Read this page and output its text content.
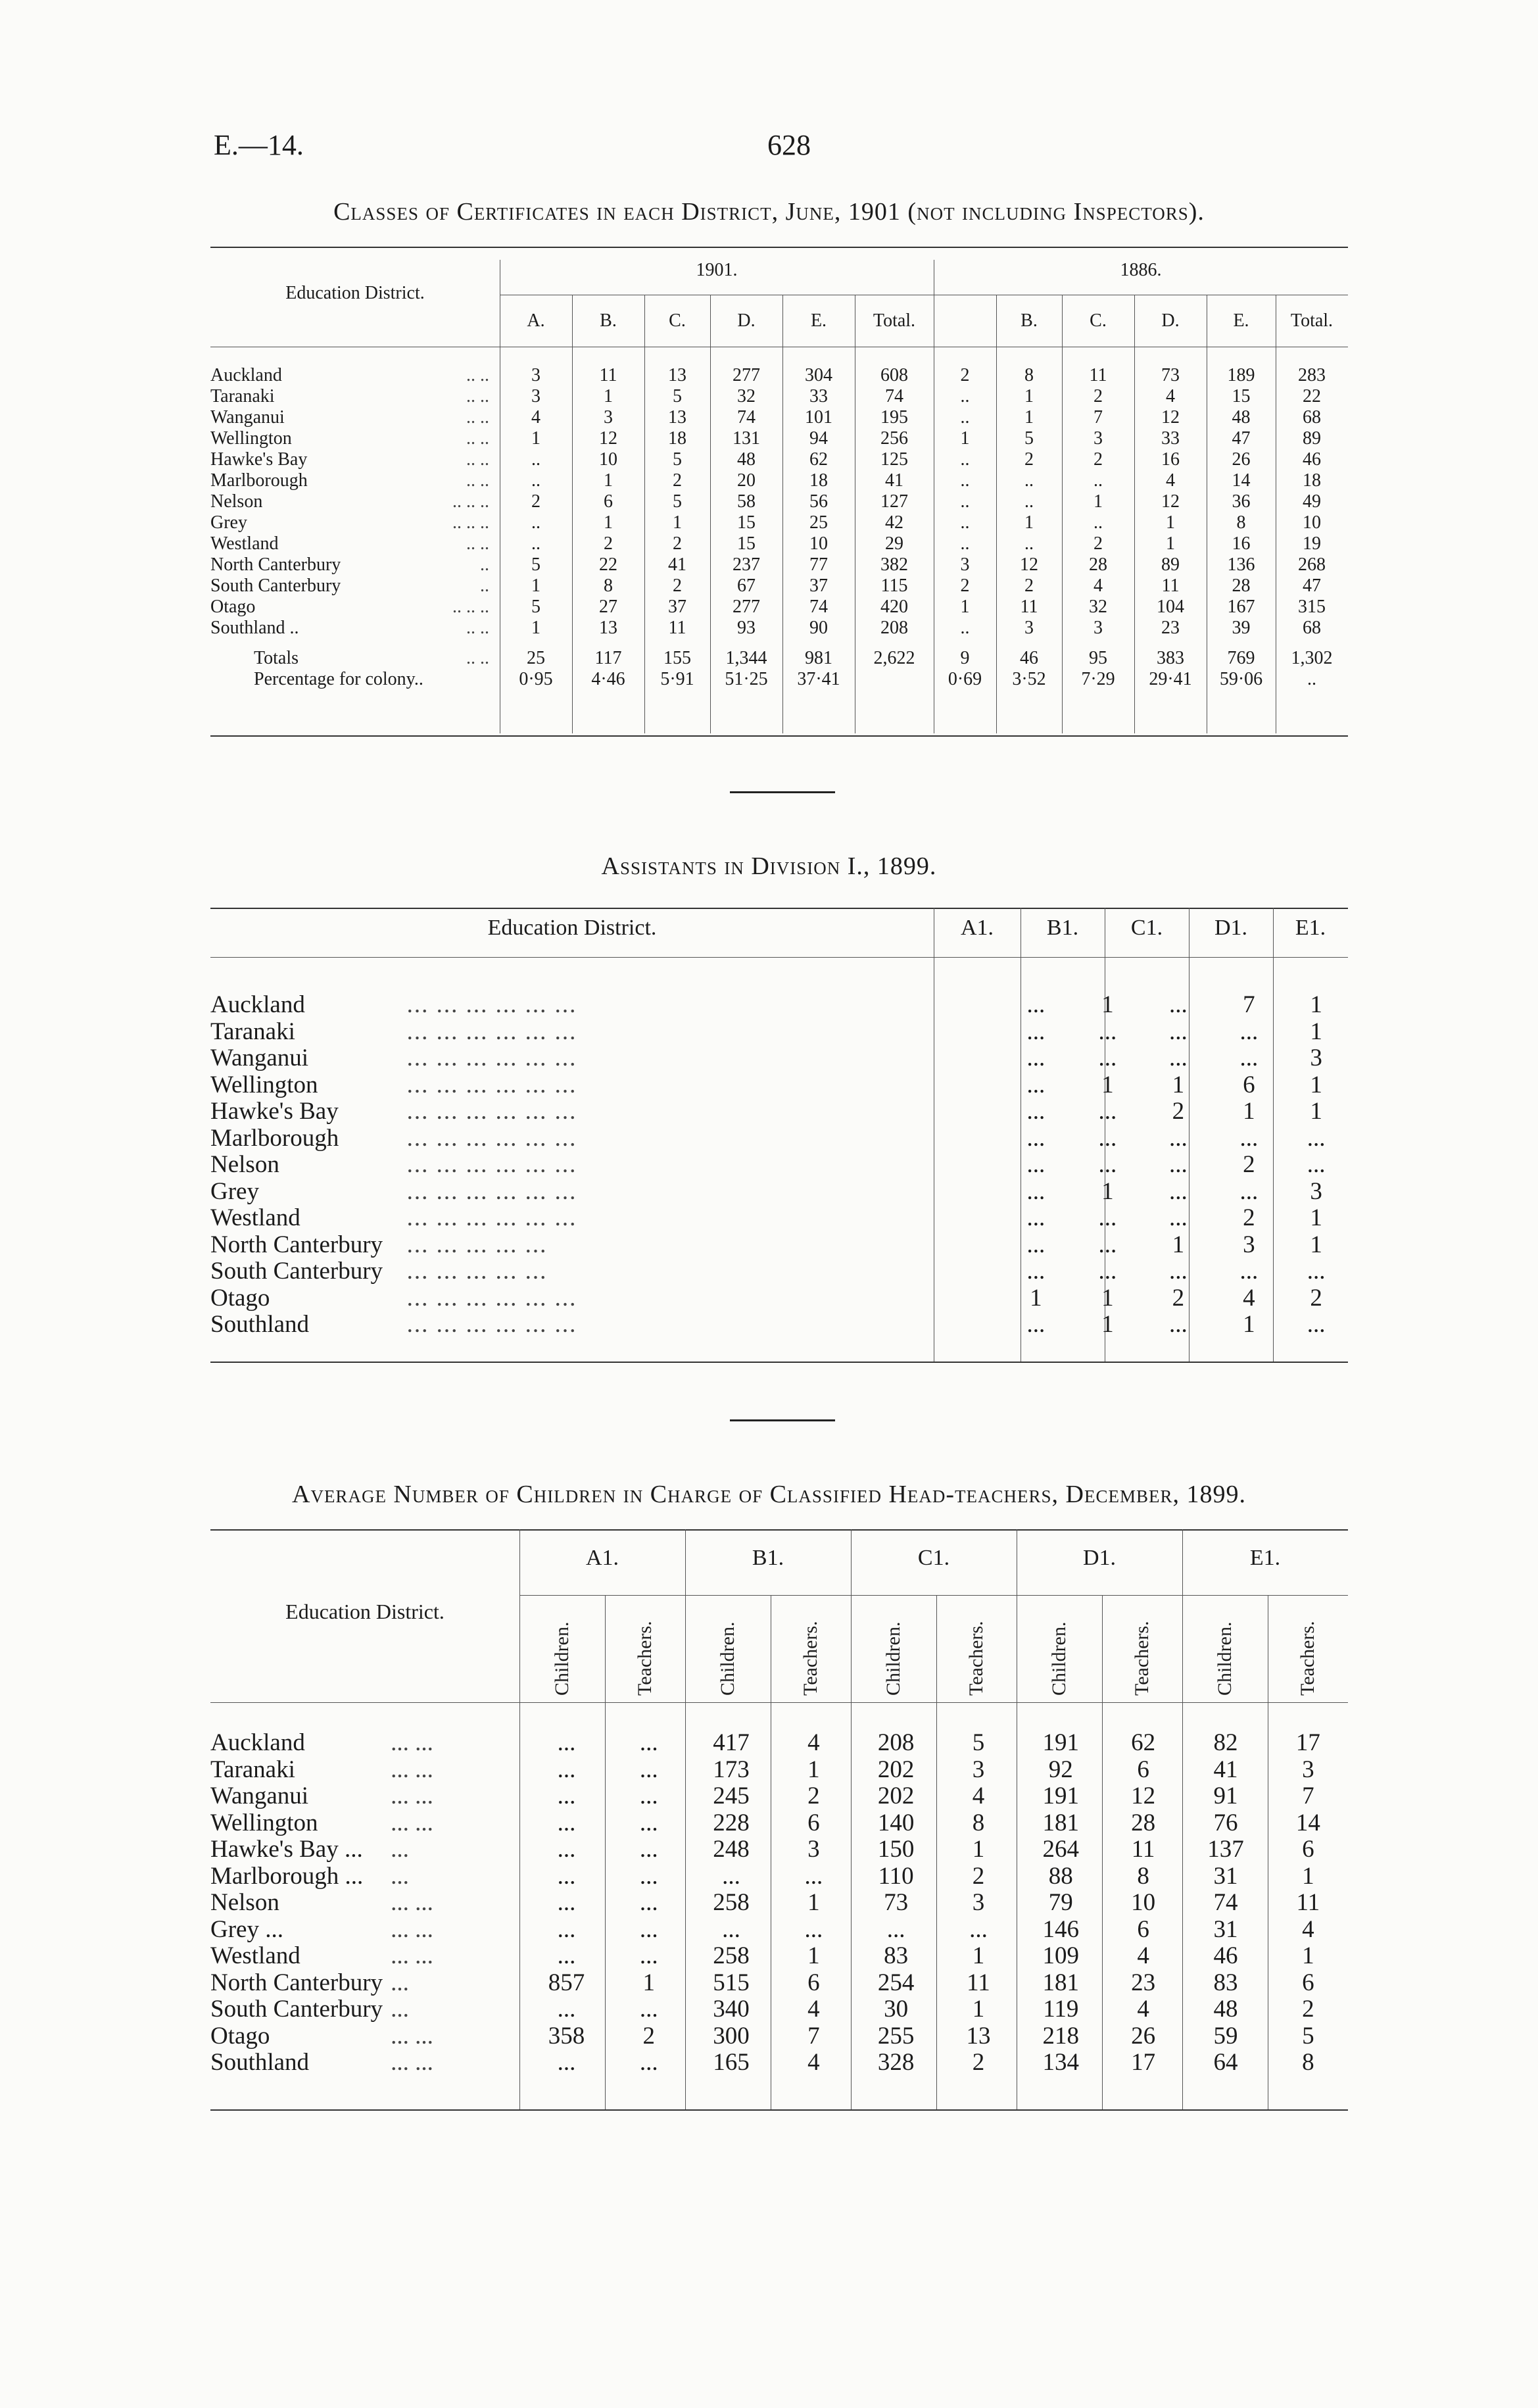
E.—14.	628
Classes of Certificates in each District, June, 1901 (not including Inspectors).
Education District.
1901.	1886.
A.	B.	C.	D.	E.	Total.	B.	C.	D.	E.	Total.
Auckland .. ..	3	11	13	277	304	608	2	8	11	73	189	283
Taranaki .. ..	3	1	5	32	33	74	..	1	2	4	15	22
Wanganui .. ..	4	3	13	74	101	195	..	1	7	12	48	68
Wellington .. ..	1	12	18	131	94	256	1	5	3	33	47	89
Hawke's Bay .. ..	..	10	5	48	62	125	..	2	2	16	26	46
Marlborough .. ..	..	1	2	20	18	41	..	..	..	4	14	18
Nelson .. .. ..	2	6	5	58	56	127	..	..	1	12	36	49
Grey .. .. ..	..	1	1	15	25	42	..	1	..	1	8	10
Westland .. ..	..	2	2	15	10	29	..	..	2	1	16	19
North Canterbury ..	5	22	41	237	77	382	3	12	28	89	136	268
South Canterbury ..	1	8	2	67	37	115	2	2	4	11	28	47
Otago .. .. ..	5	27	37	277	74	420	1	11	32	104	167	315
Southland .. .. ..	1	13	11	93	90	208	..	3	3	23	39	68

Totals .. ..	25	117	155	1,344	981	2,622	9	46	95	383	769	1,302
Percentage for colony..	0·95	4·46	5·91	51·25	37·41		0·69	3·52	7·29	29·41	59·06	..
Assistants in Division I., 1899.
Education District.	A1.	B1.	C1.	D1.	E1.
Auckland	... ... ... ... ... ...	...	1	...	7	1
Taranaki	... ... ... ... ... ...	...	...	...	...	1
Wanganui	... ... ... ... ... ...	...	...	...	...	3
Wellington	... ... ... ... ... ...	...	1	1	6	1
Hawke's Bay	... ... ... ... ... ...	...	...	2	1	1
Marlborough	... ... ... ... ... ...	...	...	...	...	...
Nelson	... ... ... ... ... ...	...	...	...	2	...
Grey	... ... ... ... ... ...	...	1	...	...	3
Westland	... ... ... ... ... ...	...	...	...	2	1
North Canterbury	... ... ... ... ...	...	...	1	3	1
South Canterbury	... ... ... ... ...	...	...	...	...	...
Otago	... ... ... ... ... ...	1	1	2	4	2
Southland	... ... ... ... ... ...	...	1	...	1	...
Average Number of Children in Charge of Classified Head-teachers, December, 1899.
Education District.
A1.
Children.	Teachers.
B1.
Children.	Teachers.
C1.
Children.	Teachers.
D1.
Children.	Teachers.
E1.
Children.	Teachers.
Auckland	... ...	...	...	417	4	208	5	191	62	82	17
Taranaki	... ...	...	...	173	1	202	3	92	6	41	3
Wanganui	... ...	...	...	245	2	202	4	191	12	91	7
Wellington	... ...	...	...	228	6	140	8	181	28	76	14
Hawke's Bay ...	...	...	...	248	3	150	1	264	11	137	6
Marlborough ...	...	...	...	...	...	110	2	88	8	31	1
Nelson	... ...	...	...	258	1	73	3	79	10	74	11
Grey ...	... ...	...	...	...	...	...	...	146	6	31	4
Westland	... ...	...	...	258	1	83	1	109	4	46	1
North Canterbury	...	857	1	515	6	254	11	181	23	83	6
South Canterbury	...	...	...	340	4	30	1	119	4	48	2
Otago	... ...	358	2	300	7	255	13	218	26	59	5
Southland	... ...	...	...	165	4	328	2	134	17	64	8
